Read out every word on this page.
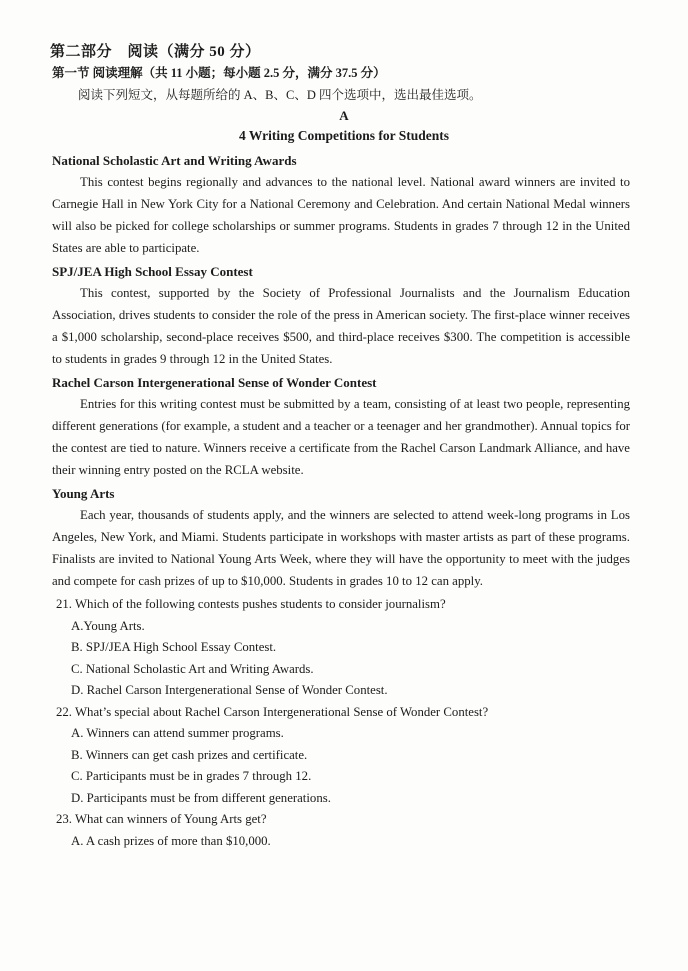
第二部分　阅读（满分 50 分）
第一节 阅读理解（共 11 小题；每小题 2.5 分，满分 37.5 分）
阅读下列短文，从每题所给的 A、B、C、D 四个选项中，选出最佳选项。
A
4 Writing Competitions for Students

National Scholastic Art and Writing Awards

This contest begins regionally and advances to the national level. National award winners are invited to Carnegie Hall in New York City for a National Ceremony and Celebration. And certain National Medal winners will also be picked for college scholarships or summer programs. Students in grades 7 through 12 in the United States are able to participate.

SPJ/JEA High School Essay Contest

This contest, supported by the Society of Professional Journalists and the Journalism Education Association, drives students to consider the role of the press in American society. The first-place winner receives a $1,000 scholarship, second-place receives $500, and third-place receives $300. The competition is accessible to students in grades 9 through 12 in the United States.

Rachel Carson Intergenerational Sense of Wonder Contest

Entries for this writing contest must be submitted by a team, consisting of at least two people, representing different generations (for example, a student and a teacher or a teenager and her grandmother). Annual topics for the contest are tied to nature. Winners receive a certificate from the Rachel Carson Landmark Alliance, and have their winning entry posted on the RCLA website.

Young Arts

Each year, thousands of students apply, and the winners are selected to attend week-long programs in Los Angeles, New York, and Miami. Students participate in workshops with master artists as part of these programs. Finalists are invited to National Young Arts Week, where they will have the opportunity to meet with the judges and compete for cash prizes of up to $10,000. Students in grades 10 to 12 can apply.

21. Which of the following contests pushes students to consider journalism?

A.Young Arts.

B. SPJ/JEA High School Essay Contest.

C. National Scholastic Art and Writing Awards.

D. Rachel Carson Intergenerational Sense of Wonder Contest.

22. What’s special about Rachel Carson Intergenerational Sense of Wonder Contest?

A. Winners can attend summer programs.

B. Winners can get cash prizes and certificate.

C. Participants must be in grades 7 through 12.

D. Participants must be from different generations.

23. What can winners of Young Arts get?

A. A cash prizes of more than $10,000.
